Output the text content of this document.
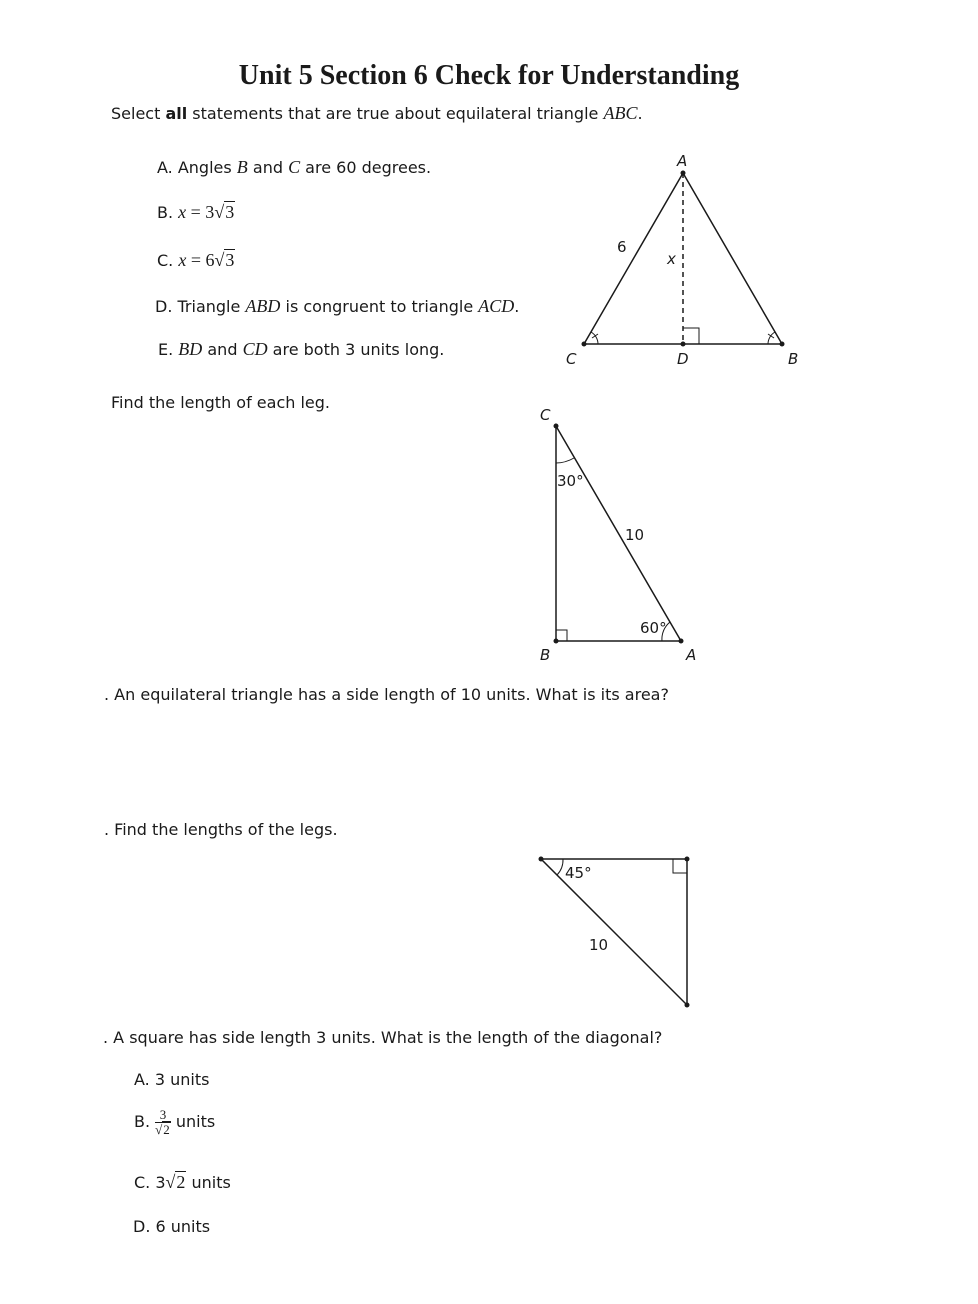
Unit 5 Section 6 Check for Understanding
Select all statements that are true about equilateral triangle ABC.
A. Angles B and C are 60 degrees.
B. x = 3√3
C. x = 6√3
D. Triangle ABD is congruent to triangle ACD.
E. BD and CD are both 3 units long.
A
C	B
D
6
x
C
B	A
30°
60°
10
45°
10
Find the length of each leg.
. An equilateral triangle has a side length of 10 units. What is its area?
. Find the lengths of the legs.
. A square has side length 3 units. What is the length of the diagonal?
A. 3 units
B. $\frac{3}{√2}$ units
C. 3√2 units
D. 6 units
